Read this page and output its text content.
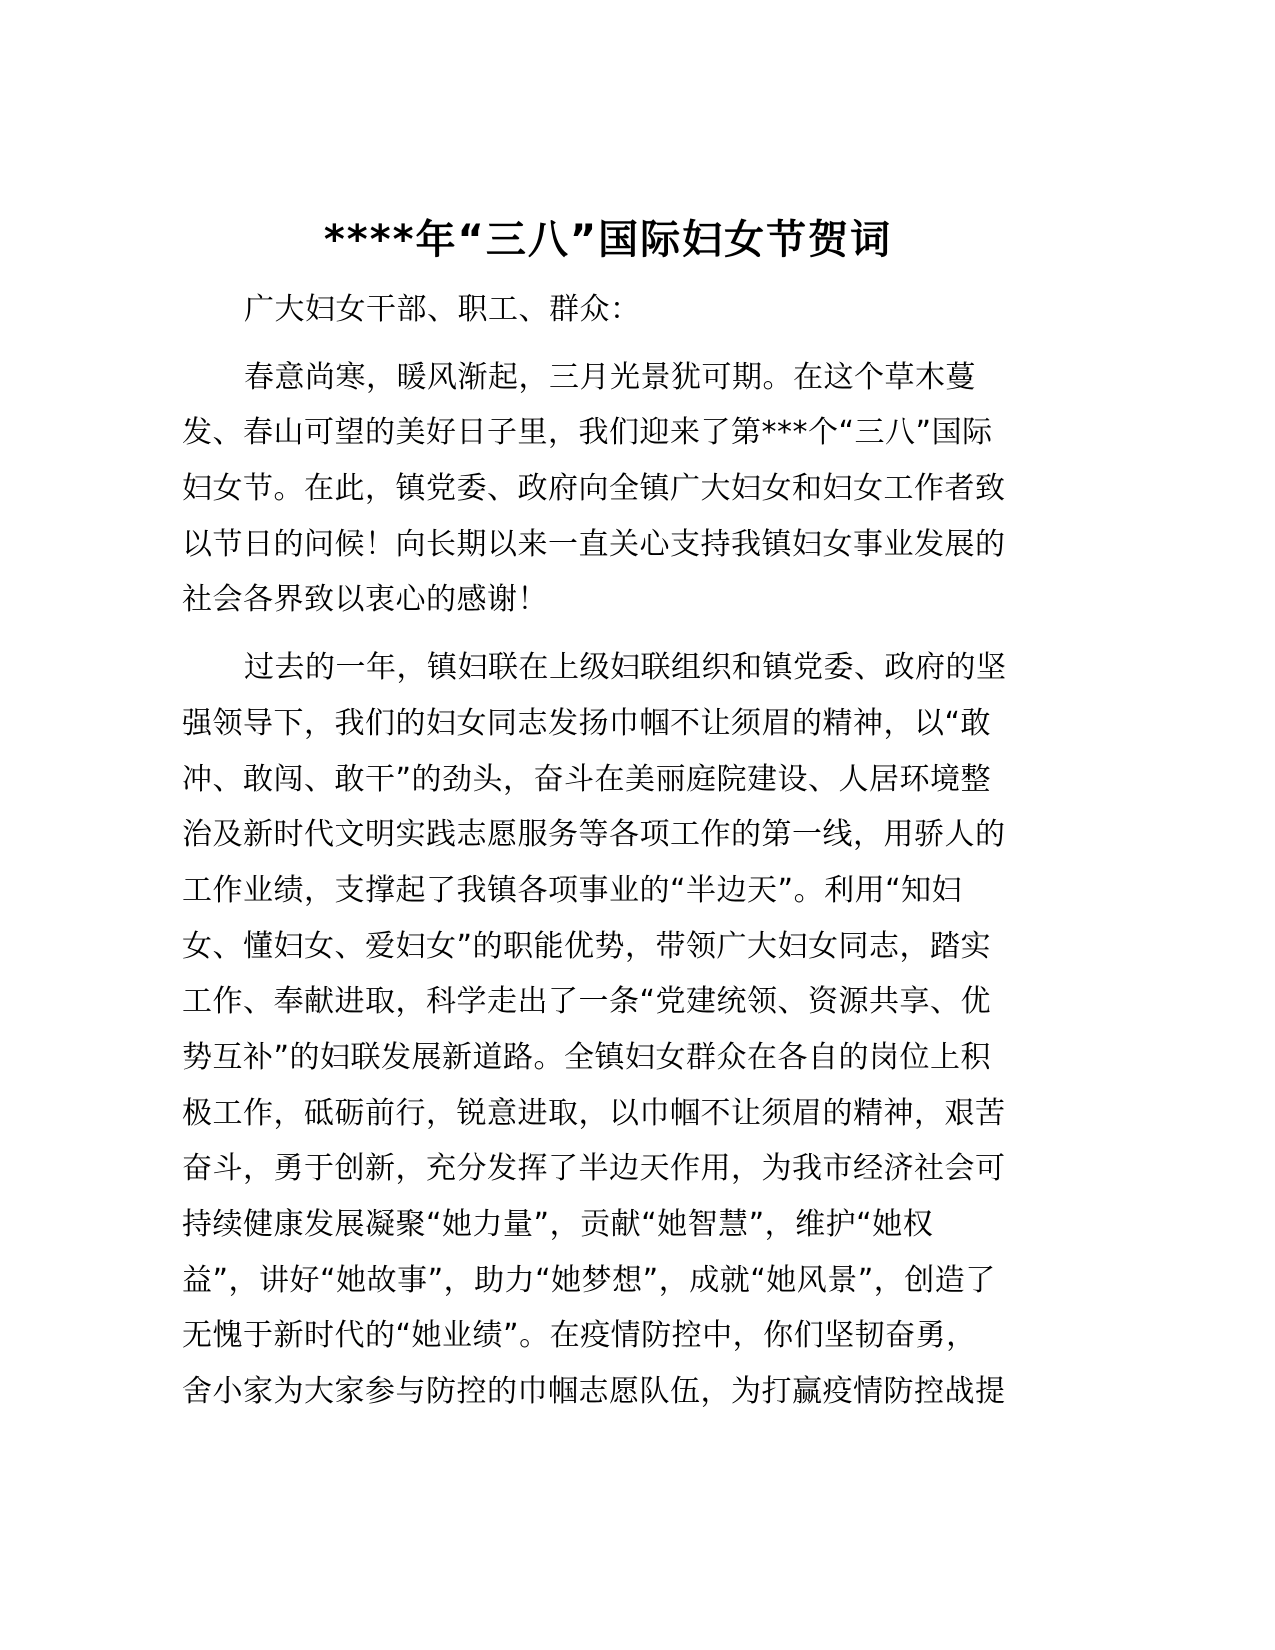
****年“三八”国际妇女节贺词
广大妇女干部、职工、群众：
春意尚寒，暖风渐起，三月光景犹可期。在这个草木蔓
发、春山可望的美好日子里，我们迎来了第***个“三八”国际
妇女节。在此，镇党委、政府向全镇广大妇女和妇女工作者致
以节日的问候！向长期以来一直关心支持我镇妇女事业发展的
社会各界致以衷心的感谢！
过去的一年，镇妇联在上级妇联组织和镇党委、政府的坚
强领导下，我们的妇女同志发扬巾帼不让须眉的精神，以“敢
冲、敢闯、敢干”的劲头，奋斗在美丽庭院建设、人居环境整
治及新时代文明实践志愿服务等各项工作的第一线，用骄人的
工作业绩，支撑起了我镇各项事业的“半边天”。利用“知妇
女、懂妇女、爱妇女”的职能优势，带领广大妇女同志，踏实
工作、奉献进取，科学走出了一条“党建统领、资源共享、优
势互补”的妇联发展新道路。全镇妇女群众在各自的岗位上积
极工作，砥砺前行，锐意进取，以巾帼不让须眉的精神，艰苦
奋斗，勇于创新，充分发挥了半边天作用，为我市经济社会可
持续健康发展凝聚“她力量”，贡献“她智慧”，维护“她权
益”，讲好“她故事”，助力“她梦想”，成就“她风景”，创造了
无愧于新时代的“她业绩”。在疫情防控中，你们坚韧奋勇，
舍小家为大家参与防控的巾帼志愿队伍，为打赢疫情防控战提
